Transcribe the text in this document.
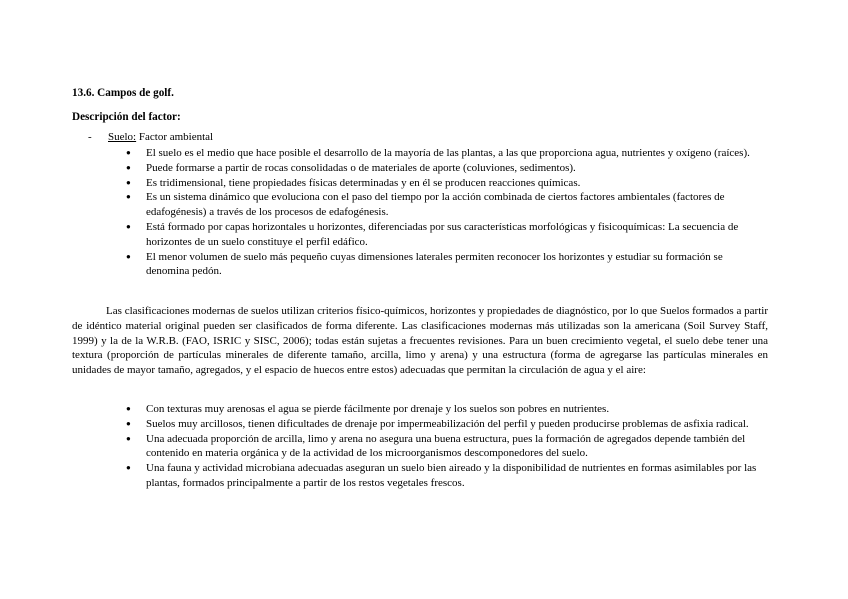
13.6. Campos de golf.
Descripción del factor:
- Suelo: Factor ambiental
● El suelo es el medio que hace posible el desarrollo de la mayoría de las plantas, a las que proporciona agua, nutrientes y oxígeno (raíces).
● Puede formarse a partir de rocas consolidadas o de materiales de aporte (coluviones, sedimentos).
● Es tridimensional, tiene propiedades físicas determinadas y en él se producen reacciones químicas.
● Es un sistema dinámico que evoluciona con el paso del tiempo por la acción combinada de ciertos factores ambientales (factores de edafogénesis) a través de los procesos de edafogénesis.
● Está formado por capas horizontales u horizontes, diferenciadas por sus características morfológicas y fisicoquímicas: La secuencia de horizontes de un suelo constituye el perfil edáfico.
● El menor volumen de suelo más pequeño cuyas dimensiones laterales permiten reconocer los horizontes y estudiar su formación se denomina pedón.

Las clasificaciones modernas de suelos utilizan criterios físico-químicos, horizontes y propiedades de diagnóstico, por lo que Suelos formados a partir de idéntico material original pueden ser clasificados de forma diferente. Las clasificaciones modernas más utilizadas son la americana (Soil Survey Staff, 1999) y la de la W.R.B. (FAO, ISRIC y SISC, 2006); todas están sujetas a frecuentes revisiones. Para un buen crecimiento vegetal, el suelo debe tener una textura (proporción de partículas minerales de diferente tamaño, arcilla, limo y arena) y una estructura (forma de agregarse las partículas minerales en unidades de mayor tamaño, agregados, y el espacio de huecos entre estos) adecuadas que permitan la circulación de agua y el aire:

● Con texturas muy arenosas el agua se pierde fácilmente por drenaje y los suelos son pobres en nutrientes.
● Suelos muy arcillosos, tienen dificultades de drenaje por impermeabilización del perfil y pueden producirse problemas de asfixia radical.
● Una adecuada proporción de arcilla, limo y arena no asegura una buena estructura, pues la formación de agregados depende también del contenido en materia orgánica y de la actividad de los microorganismos descomponedores del suelo.
● Una fauna y actividad microbiana adecuadas aseguran un suelo bien aireado y la disponibilidad de nutrientes en formas asimilables por las plantas, formados principalmente a partir de los restos vegetales frescos.
